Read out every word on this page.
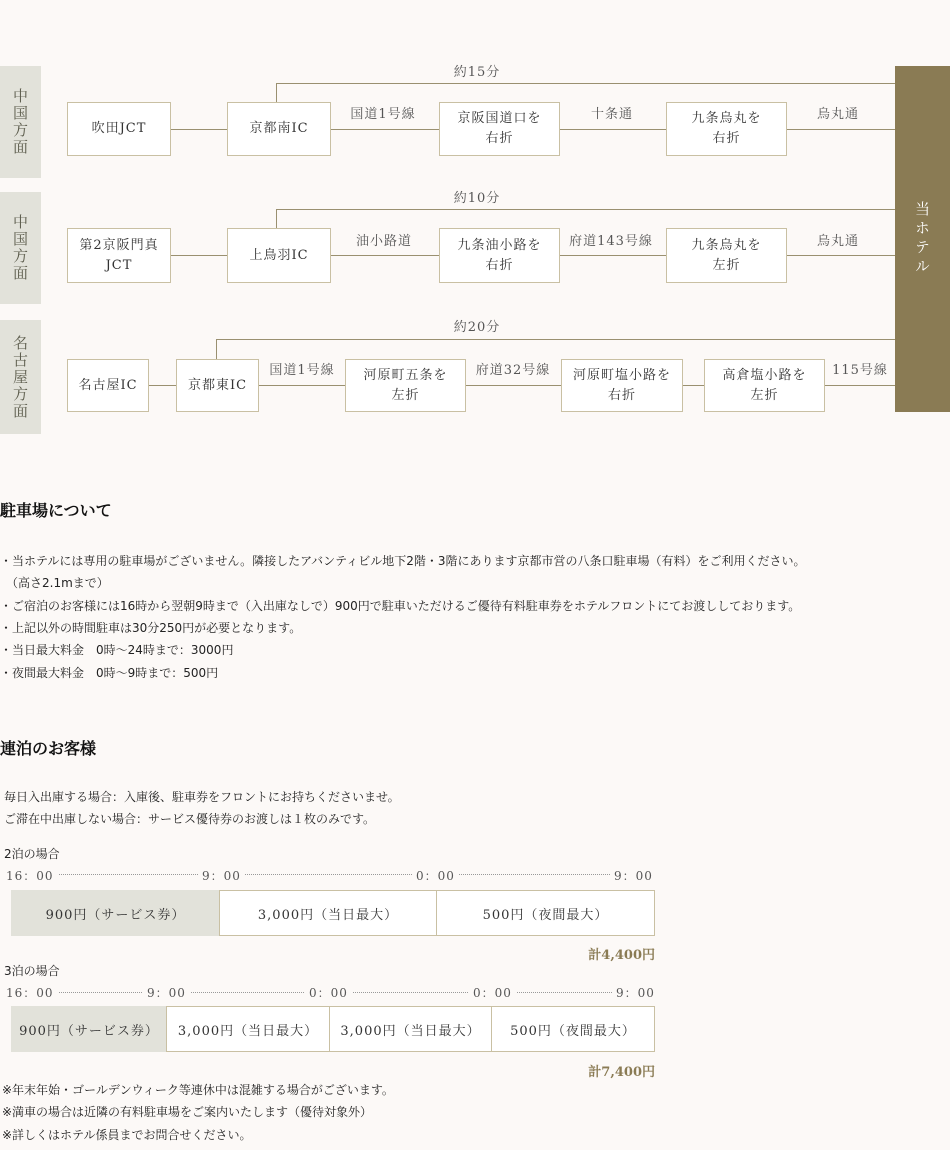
中国方面
約15分
吹田JCT	京都南IC
京阪国道口を
右折
九条烏丸を
右折
国道1号線	十条通	烏丸通
中国方面
約10分
第2京阪門真
JCT
上鳥羽IC
九条油小路を
右折
九条烏丸を
左折
油小路道	府道143号線	烏丸通
名古屋方面
約20分
名古屋IC	京都東IC
河原町五条を
左折
河原町塩小路を
右折
高倉塩小路を
左折
国道1号線	府道32号線	115号線
当ホテル
駐車場について
・当ホテルには専用の駐車場がございません。隣接したアバンティビル地下2階・3階にあります京都市営の八条口駐車場（有料）をご利用ください。
　（高さ2.1mまで）
・ご宿泊のお客様には16時から翌朝9時まで（入出庫なしで）900円で駐車いただけるご優待有料駐車券をホテルフロントにてお渡ししております。
・上記以外の時間駐車は30分250円が必要となります。
・当日最大料金　0時～24時まで：3000円
・夜間最大料金　0時～9時まで：500円
連泊のお客様
毎日入出庫する場合：入庫後、駐車券をフロントにお持ちくださいませ。
ご滞在中出庫しない場合：サービス優待券のお渡しは１枚のみです。
2泊の場合
16：00	9：00	0：00	9：00
900円（サービス券）	3,000円（当日最大）	500円（夜間最大）
計4,400円
3泊の場合
16：00	9：00	0：00	0：00	9：00
900円（サービス券）	3,000円（当日最大）	3,000円（当日最大）	500円（夜間最大）
計7,400円
※年末年始・ゴールデンウィーク等連休中は混雑する場合がございます。
※満車の場合は近隣の有料駐車場をご案内いたします（優待対象外）
※詳しくはホテル係員までお問合せください。
